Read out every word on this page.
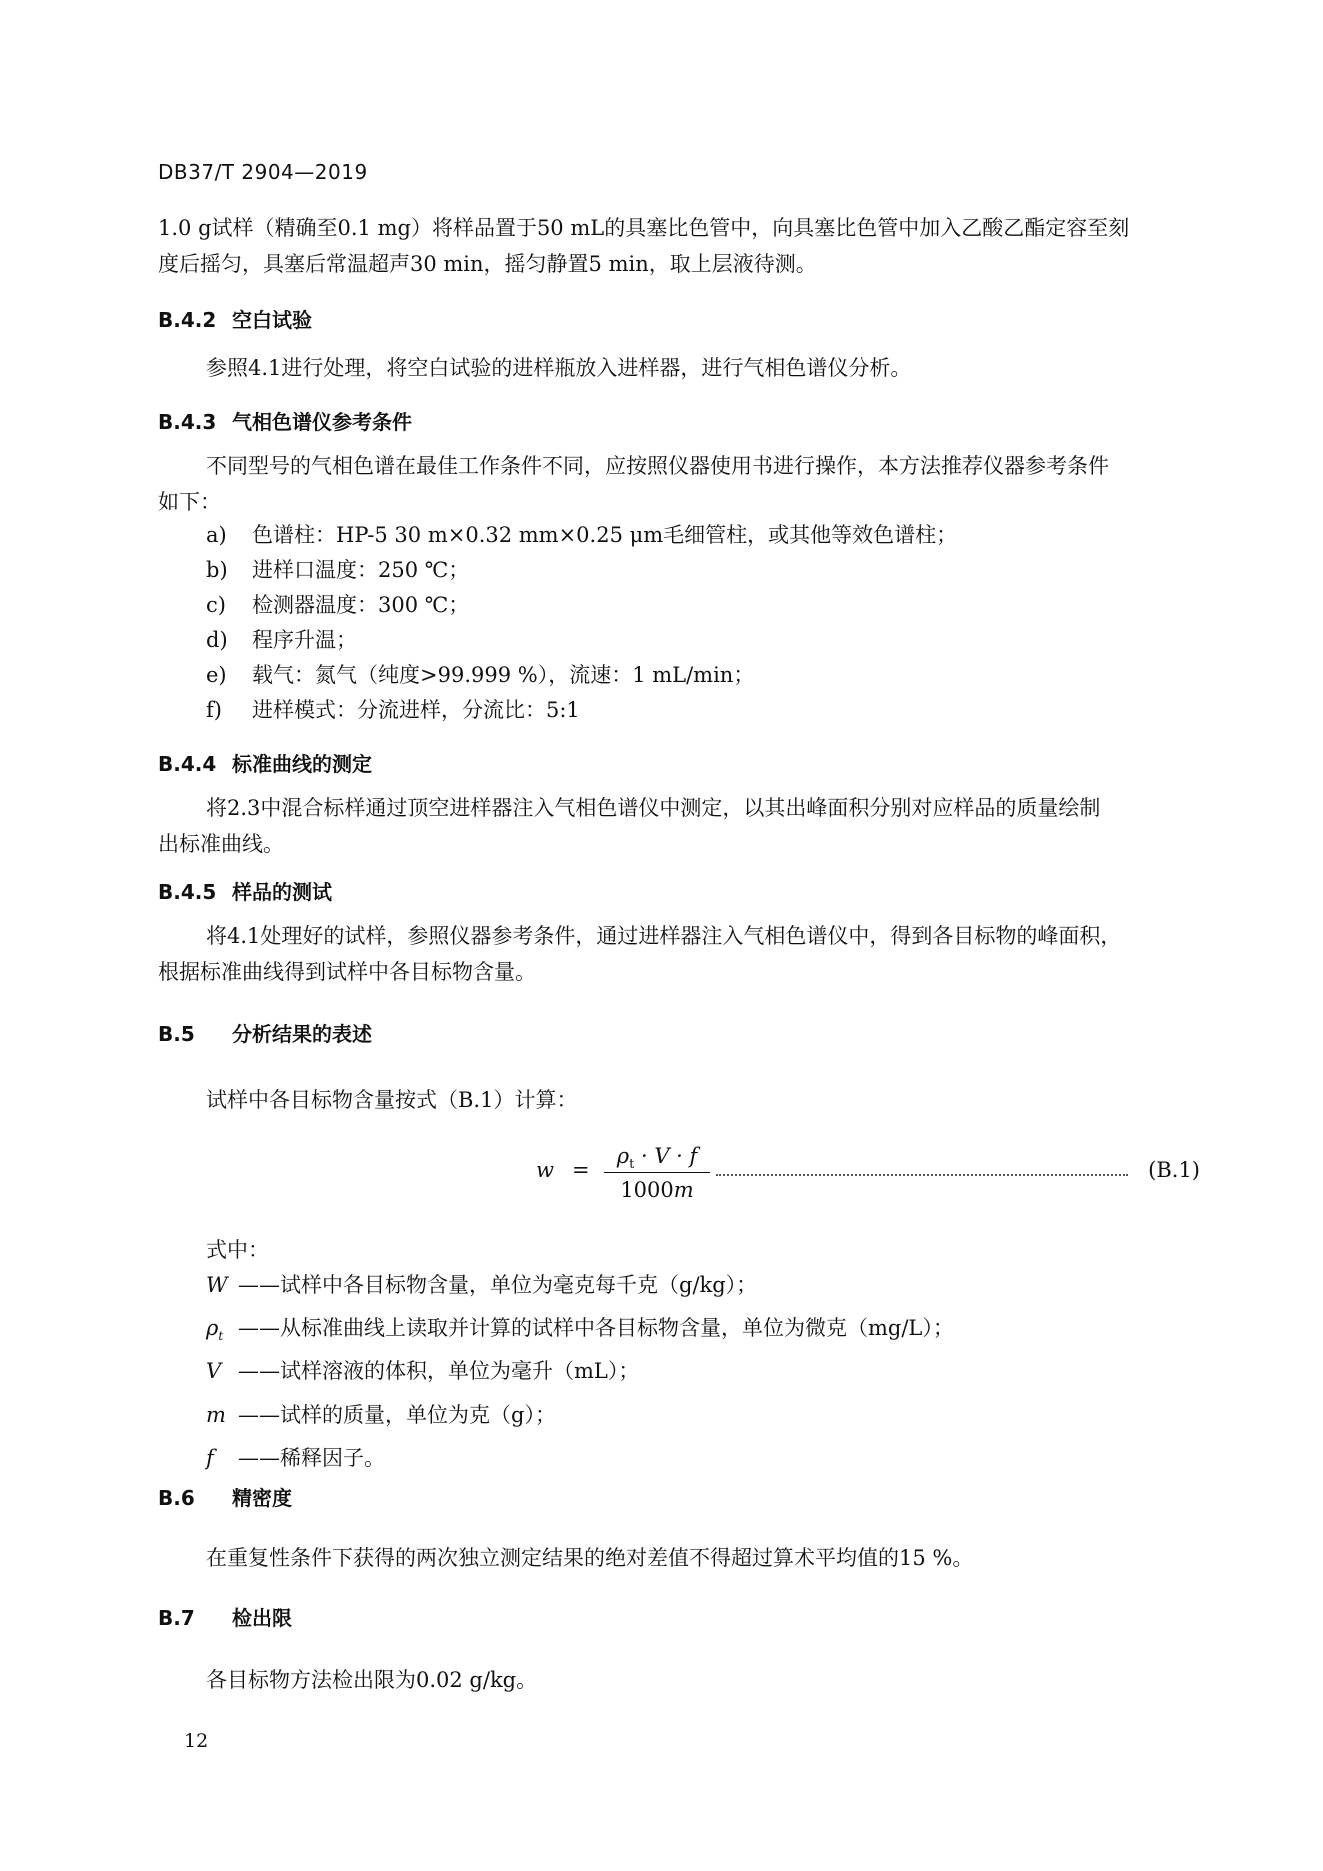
DB37/T 2904—2019
1.0 g试样（精确至0.1 mg）将样品置于50 mL的具塞比色管中，向具塞比色管中加入乙酸乙酯定容至刻
度后摇匀，具塞后常温超声30 min，摇匀静置5 min，取上层液待测。
B.4.2 空白试验
参照4.1进行处理，将空白试验的进样瓶放入进样器，进行气相色谱仪分析。
B.4.3 气相色谱仪参考条件
不同型号的气相色谱在最佳工作条件不同，应按照仪器使用书进行操作，本方法推荐仪器参考条件
如下：
a) 色谱柱：HP-5 30 m×0.32 mm×0.25 μm毛细管柱，或其他等效色谱柱；
b) 进样口温度：250 ℃；
c) 检测器温度：300 ℃；
d) 程序升温；
e) 载气：氮气（纯度>99.999 %），流速：1 mL/min；
f) 进样模式：分流进样，分流比：5:1
B.4.4 标准曲线的测定
将2.3中混合标样通过顶空进样器注入气相色谱仪中测定，以其出峰面积分别对应样品的质量绘制
出标准曲线。
B.4.5 样品的测试
将4.1处理好的试样，参照仪器参考条件，通过进样器注入气相色谱仪中，得到各目标物的峰面积，
根据标准曲线得到试样中各目标物含量。
B.5 分析结果的表述
试样中各目标物含量按式（B.1）计算：
w =
$\rho_t \cdot V \cdot f$
1000m
(B.1)
式中：
W ——试样中各目标物含量，单位为毫克每千克（g/kg）；
$\rho_t$ ——从标准曲线上读取并计算的试样中各目标物含量，单位为微克（mg/L）；
V ——试样溶液的体积，单位为毫升（mL）；
m ——试样的质量，单位为克（g）；
f ——稀释因子。
B.6 精密度
在重复性条件下获得的两次独立测定结果的绝对差值不得超过算术平均值的15 %。
B.7 检出限
各目标物方法检出限为0.02 g/kg。
12
